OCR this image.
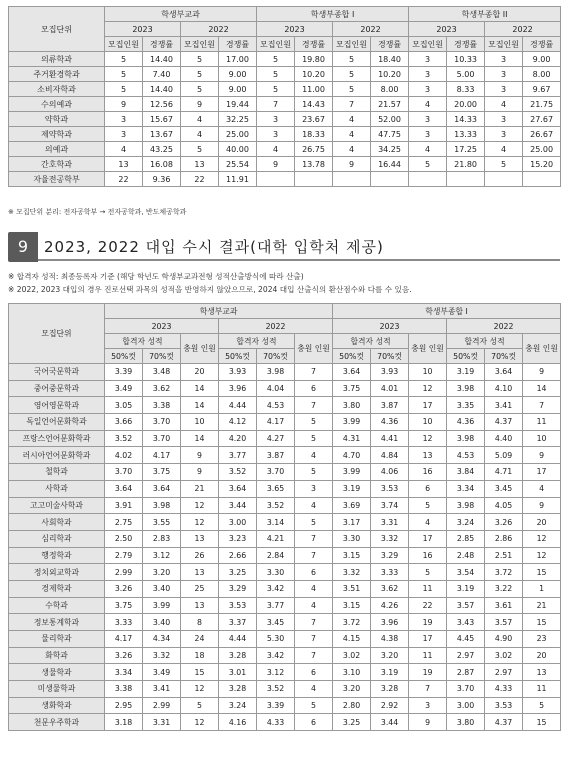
모집단위	학생부교과				학생부종합 I				학생부종합 II			
	2023		2022		2023		2022		2023		2022	
	모집인원	경쟁률	모집인원	경쟁률	모집인원	경쟁률	모집인원	경쟁률	모집인원	경쟁률	모집인원	경쟁률
의류학과	5	14.40	5	17.00	5	19.80	5	18.40	3	10.33	3	9.00
주거환경학과	5	7.40	5	9.00	5	10.20	5	10.20	3	5.00	3	8.00
소비자학과	5	14.40	5	9.00	5	11.00	5	8.00	3	8.33	3	9.67
수의예과	9	12.56	9	19.44	7	14.43	7	21.57	4	20.00	4	21.75
약학과	3	15.67	4	32.25	3	23.67	4	52.00	3	14.33	3	27.67
제약학과	3	13.67	4	25.00	3	18.33	4	47.75	3	13.33	3	26.67
의예과	4	43.25	5	40.00	4	26.75	4	34.25	4	17.25	4	25.00
간호학과	13	16.08	13	25.54	9	13.78	9	16.44	5	21.80	5	15.20
자율전공학부	22	9.36	22	11.91								
※ 모집단위 분리: 전자공학부 → 전자공학과, 반도체공학과
9	2023, 2022 대입 수시 결과(대학 입학처 제공)
※ 합격자 성적: 최종등록자 기준 (해당 학년도 학생부교과전형 성적산출방식에 따라 산출)
※ 2022, 2023 대입의 경우 진로선택 과목의 성적을 반영하지 않았으므로, 2024 대입 산출식의 환산점수와 다를 수 있음.
모집단위	학생부교과						학생부종합 I					
	2023			2022			2023			2022		
	합격자 성적		충원 인원	합격자 성적		충원 인원	합격자 성적		충원 인원	합격자 성적		충원 인원
	50%컷	70%컷		50%컷	70%컷		50%컷	70%컷		50%컷	70%컷	
국어국문학과	3.39	3.48	20	3.93	3.98	7	3.64	3.93	10	3.19	3.64	9
중어중문학과	3.49	3.62	14	3.96	4.04	6	3.75	4.01	12	3.98	4.10	14
영어영문학과	3.05	3.38	14	4.44	4.53	7	3.80	3.87	17	3.35	3.41	7
독일언어문화학과	3.66	3.70	10	4.12	4.17	5	3.99	4.36	10	4.36	4.37	11
프랑스언어문화학과	3.52	3.70	14	4.20	4.27	5	4.31	4.41	12	3.98	4.40	10
러시아언어문화학과	4.02	4.17	9	3.77	3.87	4	4.70	4.84	13	4.53	5.09	9
철학과	3.70	3.75	9	3.52	3.70	5	3.99	4.06	16	3.84	4.71	17
사학과	3.64	3.64	21	3.64	3.65	3	3.19	3.53	6	3.34	3.45	4
고고미술사학과	3.91	3.98	12	3.44	3.52	4	3.69	3.74	5	3.98	4.05	9
사회학과	2.75	3.55	12	3.00	3.14	5	3.17	3.31	4	3.24	3.26	20
심리학과	2.50	2.83	13	3.23	4.21	7	3.30	3.32	17	2.85	2.86	12
행정학과	2.79	3.12	26	2.66	2.84	7	3.15	3.29	16	2.48	2.51	12
정치외교학과	2.99	3.20	13	3.25	3.30	6	3.32	3.33	5	3.54	3.72	15
경제학과	3.26	3.40	25	3.29	3.42	4	3.51	3.62	11	3.19	3.22	1
수학과	3.75	3.99	13	3.53	3.77	4	3.15	4.26	22	3.57	3.61	21
정보통계학과	3.33	3.40	8	3.37	3.45	7	3.72	3.96	19	3.43	3.57	15
물리학과	4.17	4.34	24	4.44	5.30	7	4.15	4.38	17	4.45	4.90	23
화학과	3.26	3.32	18	3.28	3.42	7	3.02	3.20	11	2.97	3.02	20
생물학과	3.34	3.49	15	3.01	3.12	6	3.10	3.19	19	2.87	2.97	13
미생물학과	3.38	3.41	12	3.28	3.52	4	3.20	3.28	7	3.70	4.33	11
생화학과	2.95	2.99	5	3.24	3.39	5	2.80	2.92	3	3.00	3.53	5
천문우주학과	3.18	3.31	12	4.16	4.33	6	3.25	3.44	9	3.80	4.37	15
